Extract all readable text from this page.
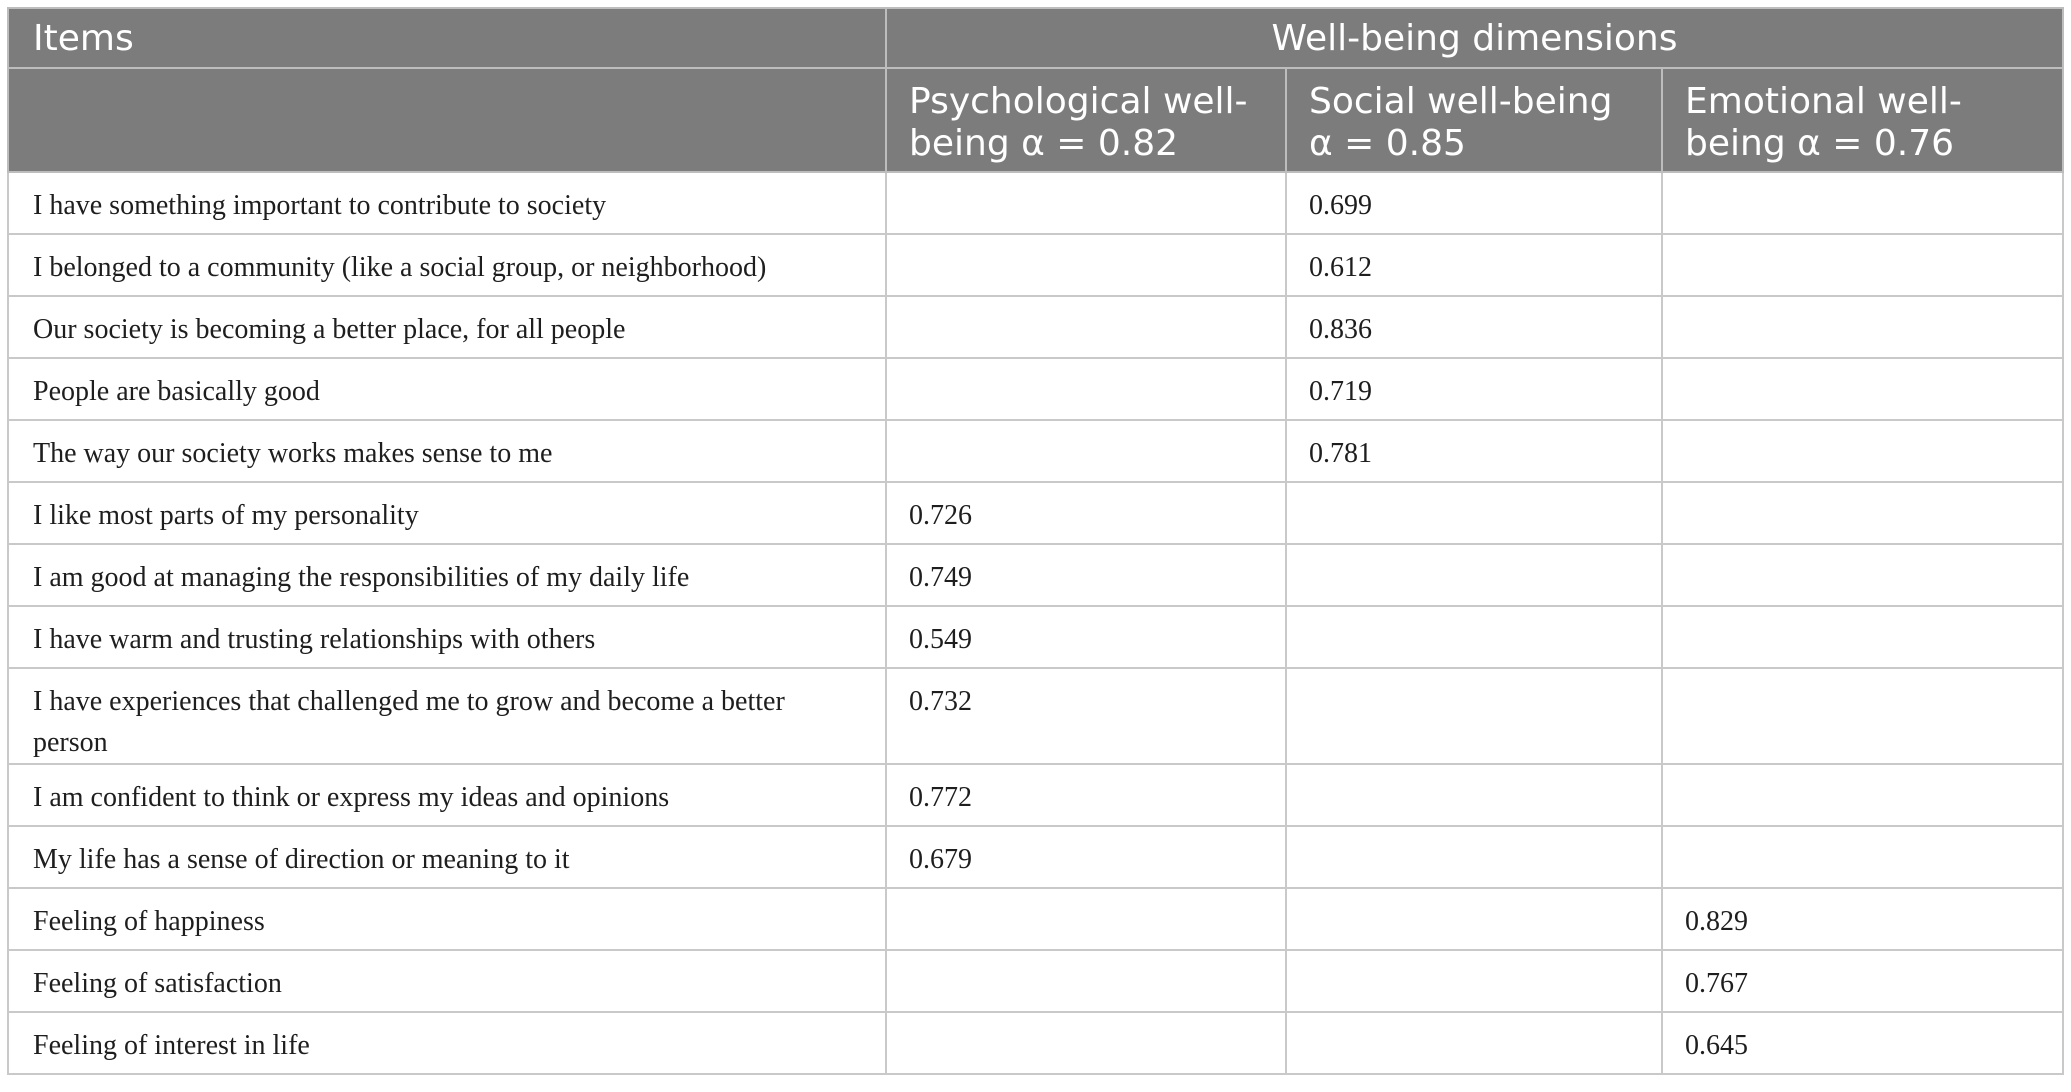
Items	Well-being dimensions		
	Psychological well-being α = 0.82	Social well-being α = 0.85	Emotional well-being α = 0.76
I have something important to contribute to society		0.699	
I belonged to a community (like a social group, or neighborhood)		0.612	
Our society is becoming a better place, for all people		0.836	
People are basically good		0.719	
The way our society works makes sense to me		0.781	
I like most parts of my personality	0.726		
I am good at managing the responsibilities of my daily life	0.749		
I have warm and trusting relationships with others	0.549		
I have experiences that challenged me to grow and become a better person	0.732		
I am confident to think or express my ideas and opinions	0.772		
My life has a sense of direction or meaning to it	0.679		
Feeling of happiness			0.829
Feeling of satisfaction			0.767
Feeling of interest in life			0.645
